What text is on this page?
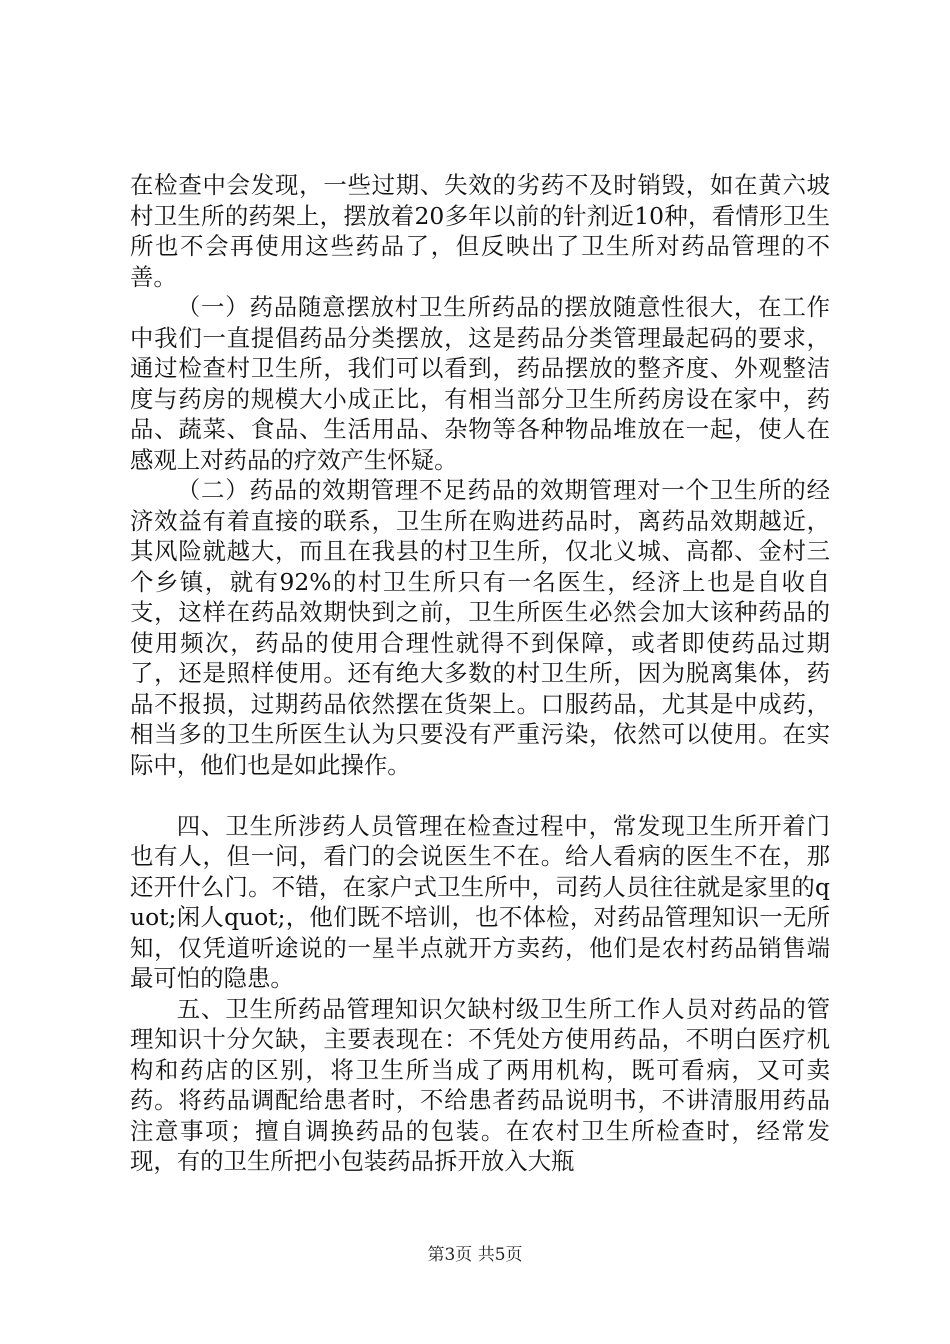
在检查中会发现，一些过期、失效的劣药不及时销毁，如在黄六坡村卫生所的药架上，摆放着20多年以前的针剂近10种，看情形卫生所也不会再使用这些药品了，但反映出了卫生所对药品管理的不善。

（一）药品随意摆放村卫生所药品的摆放随意性很大，在工作中我们一直提倡药品分类摆放，这是药品分类管理最起码的要求，通过检查村卫生所，我们可以看到，药品摆放的整齐度、外观整洁度与药房的规模大小成正比，有相当部分卫生所药房设在家中，药品、蔬菜、食品、生活用品、杂物等各种物品堆放在一起，使人在感观上对药品的疗效产生怀疑。

（二）药品的效期管理不足药品的效期管理对一个卫生所的经济效益有着直接的联系，卫生所在购进药品时，离药品效期越近，其风险就越大，而且在我县的村卫生所，仅北义城、高都、金村三个乡镇，就有92%的村卫生所只有一名医生，经济上也是自收自支，这样在药品效期快到之前，卫生所医生必然会加大该种药品的使用频次，药品的使用合理性就得不到保障，或者即使药品过期了，还是照样使用。还有绝大多数的村卫生所，因为脱离集体，药品不报损，过期药品依然摆在货架上。口服药品，尤其是中成药，相当多的卫生所医生认为只要没有严重污染，依然可以使用。在实际中，他们也是如此操作。

四、卫生所涉药人员管理在检查过程中，常发现卫生所开着门也有人，但一问，看门的会说医生不在。给人看病的医生不在，那还开什么门。不错，在家户式卫生所中，司药人员往往就是家里的quot;闲人quot;，他们既不培训，也不体检，对药品管理知识一无所知，仅凭道听途说的一星半点就开方卖药，他们是农村药品销售端最可怕的隐患。

五、卫生所药品管理知识欠缺村级卫生所工作人员对药品的管理知识十分欠缺，主要表现在：不凭处方使用药品，不明白医疗机构和药店的区别，将卫生所当成了两用机构，既可看病，又可卖药。将药品调配给患者时，不给患者药品说明书，不讲清服用药品注意事项；擅自调换药品的包装。在农村卫生所检查时，经常发现，有的卫生所把小包装药品拆开放入大瓶

第3页 共5页
